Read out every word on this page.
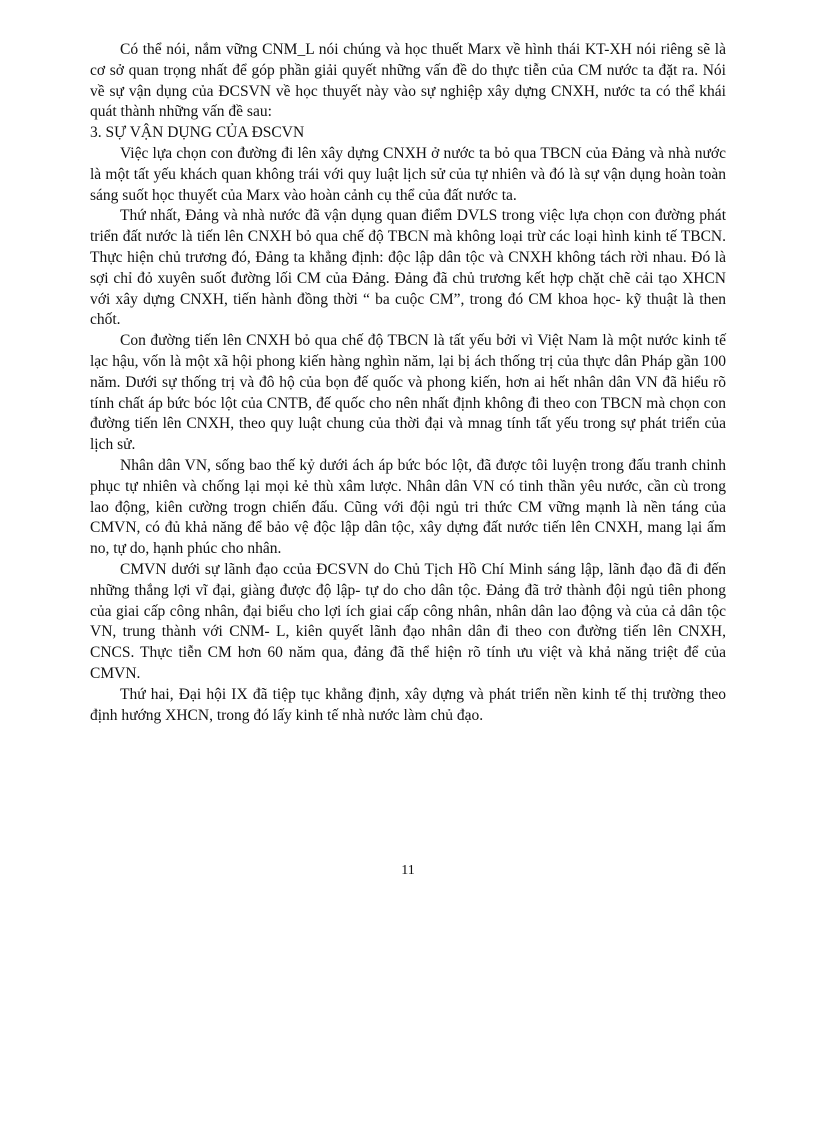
Có thể nói, nắm vững CNM_L nói chúng và học thuết Marx về hình thái KT-XH nói riêng sẽ là cơ sở quan trọng nhất để góp phần giải quyết những vấn đề do thực tiễn của CM nước ta đặt ra. Nói về sự vận dụng của ĐCSVN về học thuyết này vào sự nghiệp xây dựng CNXH, nước ta có thể khái quát thành những vấn đề sau:

3. SỰ VẬN DỤNG CỦA ĐSCVN

Việc lựa chọn con đường đi lên xây dựng CNXH ở nước ta bỏ qua TBCN của Đảng và nhà nước là một tất yếu khách quan không trái với quy luật lịch sử của tự nhiên và đó là sự vận dụng hoàn toàn sáng suốt học thuyết của Marx vào hoàn cảnh cụ thể của đất nước ta.

Thứ nhất, Đảng và nhà nước đã vận dụng quan điểm DVLS trong việc lựa chọn con đường phát triển đất nước là tiến lên CNXH bỏ qua chế độ TBCN mà không loại trừ các loại hình kinh tế TBCN. Thực hiện chủ trương đó, Đảng ta khẳng định: độc lập dân tộc và CNXH không tách rời nhau. Đó là sợi chỉ đỏ xuyên suốt đường lối CM của Đảng. Đảng đã chủ trương kết hợp chặt chẽ cải tạo XHCN với xây dựng CNXH, tiến hành đồng thời “ ba cuộc CM”, trong đó CM khoa học- kỹ thuật là then chốt.

Con đường tiến lên CNXH bỏ qua chế độ TBCN là tất yếu bởi vì Việt Nam là một nước kinh tế lạc hậu, vốn là một xã hội phong kiến hàng nghìn năm, lại bị ách thống trị của thực dân Pháp gần 100 năm. Dưới sự thống trị và đô hộ của bọn đế quốc và phong kiến, hơn ai hết nhân dân VN đã hiểu rõ tính chất áp bức bóc lột của CNTB, đế quốc cho nên nhất định không đi theo con TBCN mà chọn con đường tiến lên CNXH, theo quy luật chung của thời đại và mnag tính tất yếu trong sự phát triển của lịch sử.

Nhân dân VN, sống bao thế kỷ dưới ách áp bức bóc lột, đã được tôi luyện trong đấu tranh chinh phục tự nhiên và chống lại mọi kẻ thù xâm lược. Nhân dân VN có tinh thần yêu nước, cần cù trong lao động, kiên cường trogn chiến đấu. Cũng với đội ngủ tri thức CM vững mạnh là nền táng của CMVN, có đủ khả năng để bảo vệ độc lập dân tộc, xây dựng đất nước tiến lên CNXH, mang lại ấm no, tự do, hạnh phúc cho nhân.

CMVN dưới sự lãnh đạo ccủa ĐCSVN do Chủ Tịch Hồ Chí Minh sáng lập, lãnh đạo đã đi đến những thắng lợi vĩ đại, giàng được độ lập- tự do cho dân tộc. Đảng đã trở thành đội ngủ tiên phong của giai cấp công nhân, đại biểu cho lợi ích giai cấp công nhân, nhân dân lao động và của cả dân tộc VN, trung thành với CNM- L, kiên quyết lãnh đạo nhân dân đi theo con đường tiến lên CNXH, CNCS. Thực tiễn CM hơn 60 năm qua, đảng đã thể hiện rõ tính ưu việt và khả năng triệt để của CMVN.

Thứ hai, Đại hội IX đã tiệp tục khẳng định, xây dựng và phát triển nền kinh tế thị trường theo định hướng XHCN, trong đó lấy kinh tế nhà nước làm chủ đạo.

11
